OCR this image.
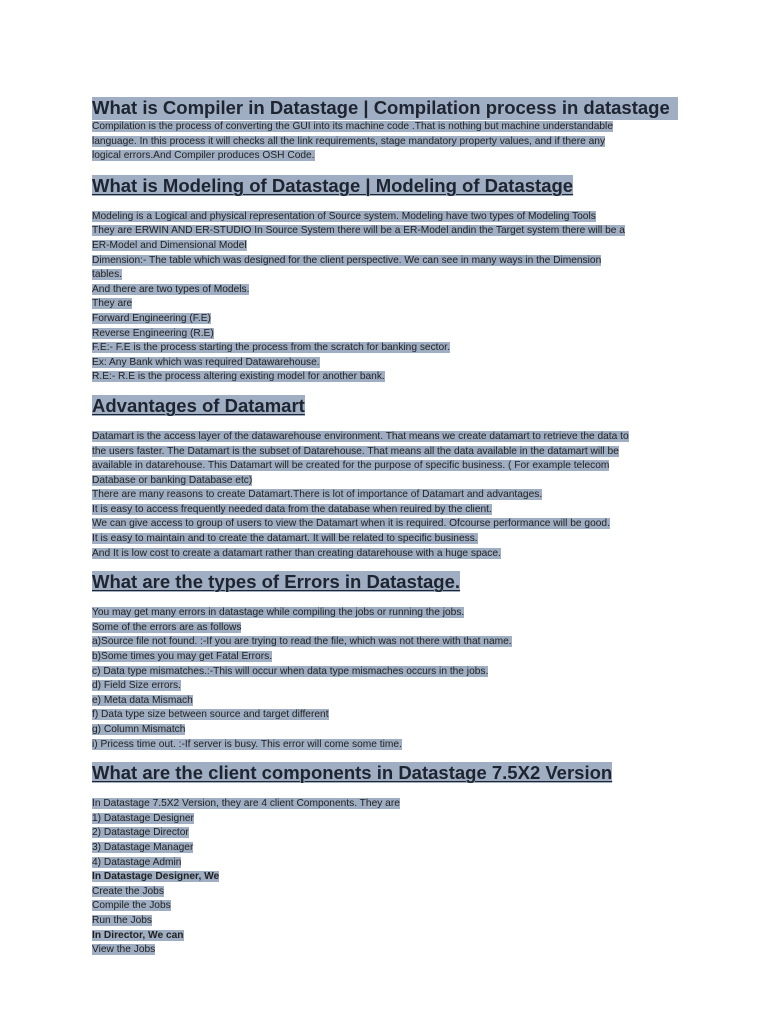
What is Compiler in Datastage | Compilation process in datastage
Compilation is the process of converting the GUI into its machine code .That is nothing but machine understandable
language. In this process it will checks all the link requirements, stage mandatory property values, and if there any
logical errors.And Compiler produces OSH Code.
What is Modeling of Datastage | Modeling of Datastage
Modeling is a Logical and physical representation of Source system. Modeling have two types of Modeling Tools
They are ERWIN AND ER-STUDIO In Source System there will be a ER-Model andin the Target system there will be a
ER-Model and Dimensional Model
Dimension:- The table which was designed for the client perspective. We can see in many ways in the Dimension
tables.
And there are two types of Models.
They are
Forward Engineering (F.E)
Reverse Engineering (R.E)
F.E:- F.E is the process starting the process from the scratch for banking sector.
Ex: Any Bank which was required Datawarehouse.
R.E:- R.E is the process altering existing model for another bank.
Advantages of Datamart
Datamart is the access layer of the datawarehouse environment. That means we create datamart to retrieve the data to
the users faster. The Datamart is the subset of Datarehouse. That means all the data available in the datamart will be
available in datarehouse. This Datamart will be created for the purpose of specific business. ( For example telecom
Database or banking Database etc)
There are many reasons to create Datamart.There is lot of importance of Datamart and advantages.
It is easy to access frequently needed data from the database when reuired by the client.
We can give access to group of users to view the Datamart when it is required. Ofcourse performance will be good.
It is easy to maintain and to create the datamart. It will be related to specific business.
And It is low cost to create a datamart rather than creating datarehouse with a huge space.
What are the types of Errors in Datastage.
You may get many errors in datastage while compiling the jobs or running the jobs.
Some of the errors are as follows
a)Source file not found. :-If you are trying to read the file, which was not there with that name.
b)Some times you may get Fatal Errors.
c) Data type mismatches.:-This will occur when data type mismaches occurs in the jobs.
d) Field Size errors.
e) Meta data Mismach
f) Data type size between source and target different
g) Column Mismatch
i) Pricess time out. :-If server is busy. This error will come some time.
What are the client components in Datastage 7.5X2 Version
In Datastage 7.5X2 Version, they are 4 client Components. They are
1) Datastage Designer
2) Datastage Director
3) Datastage Manager
4) Datastage Admin
In Datastage Designer, We
Create the Jobs
Compile the Jobs
Run the Jobs
In Director, We can
View the Jobs
